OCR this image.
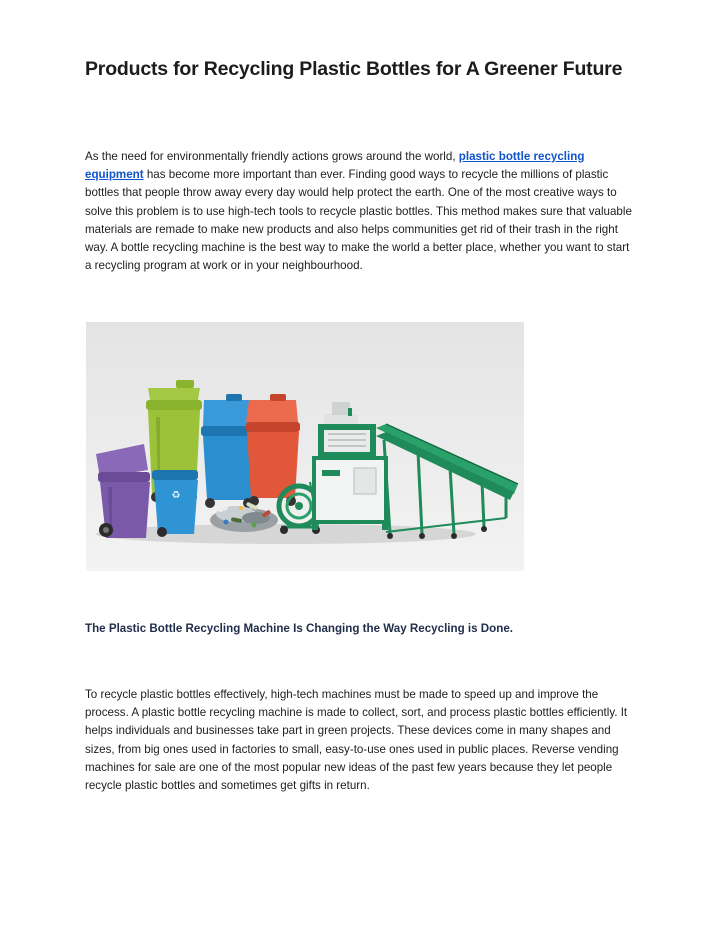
Products for Recycling Plastic Bottles for A Greener Future

As the need for environmentally friendly actions grows around the world, plastic bottle recycling equipment has become more important than ever. Finding good ways to recycle the millions of plastic bottles that people throw away every day would help protect the earth. One of the most creative ways to solve this problem is to use high-tech tools to recycle plastic bottles. This method makes sure that valuable materials are remade to make new products and also helps communities get rid of their trash in the right way. A bottle recycling machine is the best way to make the world a better place, whether you want to start a recycling program at work or in your neighbourhood.

♻
The Plastic Bottle Recycling Machine Is Changing the Way Recycling is Done.

To recycle plastic bottles effectively, high-tech machines must be made to speed up and improve the process. A plastic bottle recycling machine is made to collect, sort, and process plastic bottles efficiently. It helps individuals and businesses take part in green projects. These devices come in many shapes and sizes, from big ones used in factories to small, easy-to-use ones used in public places. Reverse vending machines for sale are one of the most popular new ideas of the past few years because they let people recycle plastic bottles and sometimes get gifts in return.
